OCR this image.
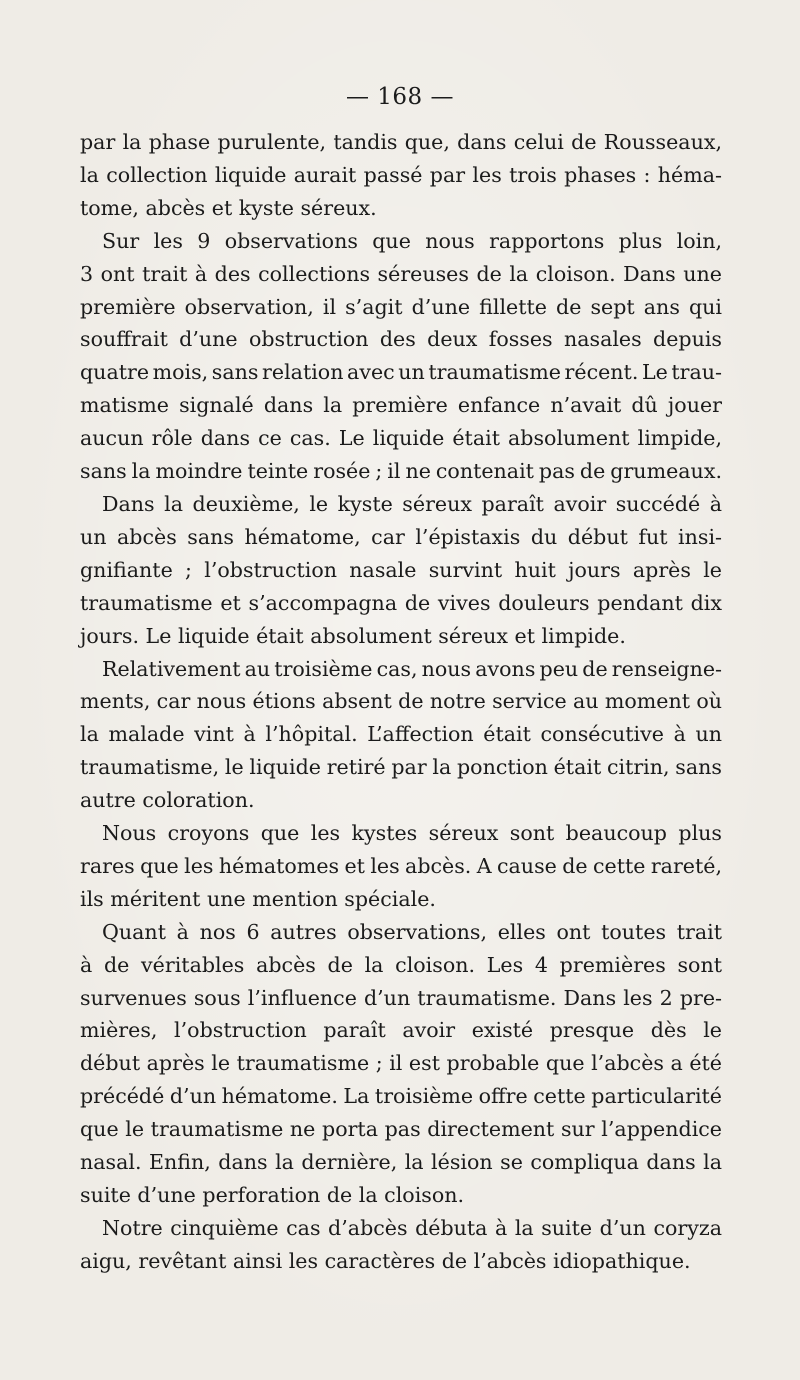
— 168 —

par la phase purulente, tandis que, dans celui de Rousseaux,
la collection liquide aurait passé par les trois phases : héma-
tome, abcès et kyste séreux.

Sur les 9 observations que nous rapportons plus loin,
3 ont trait à des collections séreuses de la cloison. Dans une
première observation, il s’agit d’une fillette de sept ans qui
souffrait d’une obstruction des deux fosses nasales depuis
quatre mois, sans relation avec un traumatisme récent. Le trau-
matisme signalé dans la première enfance n’avait dû jouer
aucun rôle dans ce cas. Le liquide était absolument limpide,
sans la moindre teinte rosée ; il ne contenait pas de grumeaux.

Dans la deuxième, le kyste séreux paraît avoir succédé à
un abcès sans hématome, car l’épistaxis du début fut insi-
gnifiante ; l’obstruction nasale survint huit jours après le
traumatisme et s’accompagna de vives douleurs pendant dix
jours. Le liquide était absolument séreux et limpide.

Relativement au troisième cas, nous avons peu de renseigne-
ments, car nous étions absent de notre service au moment où
la malade vint à l’hôpital. L’affection était consécutive à un
traumatisme, le liquide retiré par la ponction était citrin, sans
autre coloration.

Nous croyons que les kystes séreux sont beaucoup plus
rares que les hématomes et les abcès. A cause de cette rareté,
ils méritent une mention spéciale.

Quant à nos 6 autres observations, elles ont toutes trait
à de véritables abcès de la cloison. Les 4 premières sont
survenues sous l’influence d’un traumatisme. Dans les 2 pre-
mières, l’obstruction paraît avoir existé presque dès le
début après le traumatisme ; il est probable que l’abcès a été
précédé d’un hématome. La troisième offre cette particularité
que le traumatisme ne porta pas directement sur l’appendice
nasal. Enfin, dans la dernière, la lésion se compliqua dans la
suite d’une perforation de la cloison.

Notre cinquième cas d’abcès débuta à la suite d’un coryza
aigu, revêtant ainsi les caractères de l’abcès idiopathique.
